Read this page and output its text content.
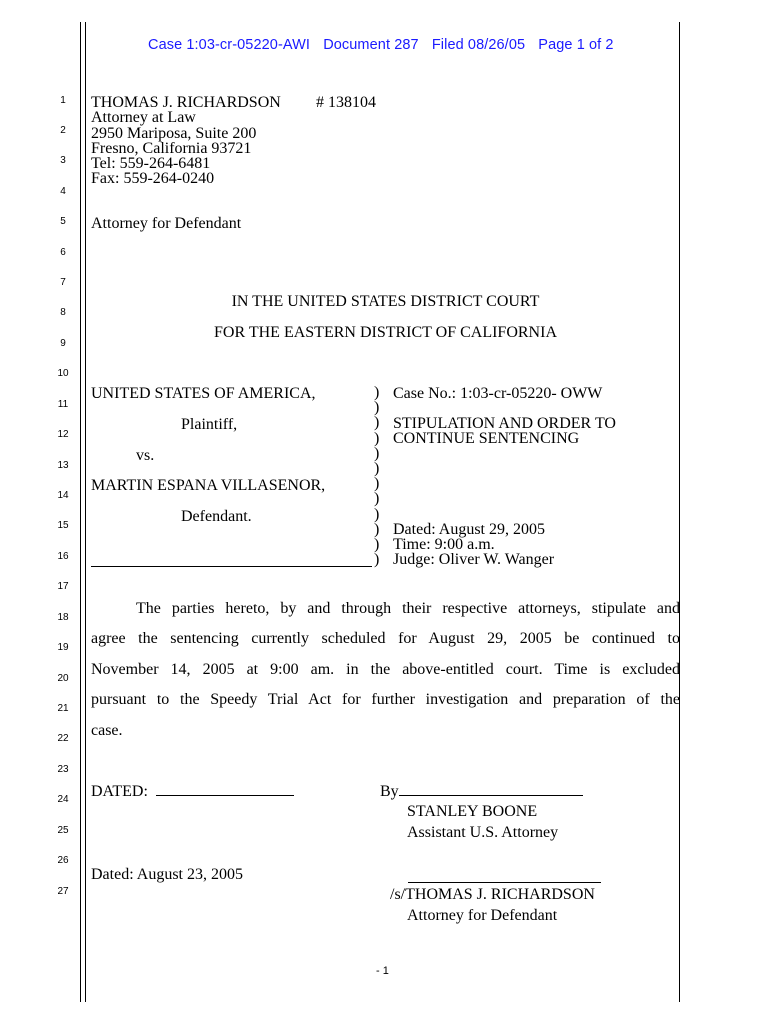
Case 1:03-cr-05220-AWI Document 287 Filed 08/26/05 Page 1 of 2
1
2
3
4
5
6
7
8
9
10
11
12
13
14
15
16
17
18
19
20
21
22
23
24
25
26
27
THOMAS J. RICHARDSON # 138104
Attorney at Law
2950 Mariposa, Suite 200
Fresno, California 93721
Tel: 559-264-6481
Fax: 559-264-0240
Attorney for Defendant
IN THE UNITED STATES DISTRICT COURT
FOR THE EASTERN DISTRICT OF CALIFORNIA
UNITED STATES OF AMERICA,
Plaintiff,
vs.
MARTIN ESPANA VILLASENOR,
Defendant.
)
)
)
)
)
)
)
)
)
)
)
)
Case No.: 1:03-cr-05220- OWW
STIPULATION AND ORDER TO
CONTINUE SENTENCING
Dated: August 29, 2005
Time: 9:00 a.m.
Judge: Oliver W. Wanger
The parties hereto, by and through their respective attorneys, stipulate and
agree the sentencing currently scheduled for August 29, 2005 be continued to
November 14, 2005 at 9:00 am. in the above-entitled court. Time is excluded
pursuant to the Speedy Trial Act for further investigation and preparation of the
case.
DATED:	By
STANLEY BOONE
Assistant U.S. Attorney
Dated: August 23, 2005
/s/THOMAS J. RICHARDSON
Attorney for Defendant
- 1
